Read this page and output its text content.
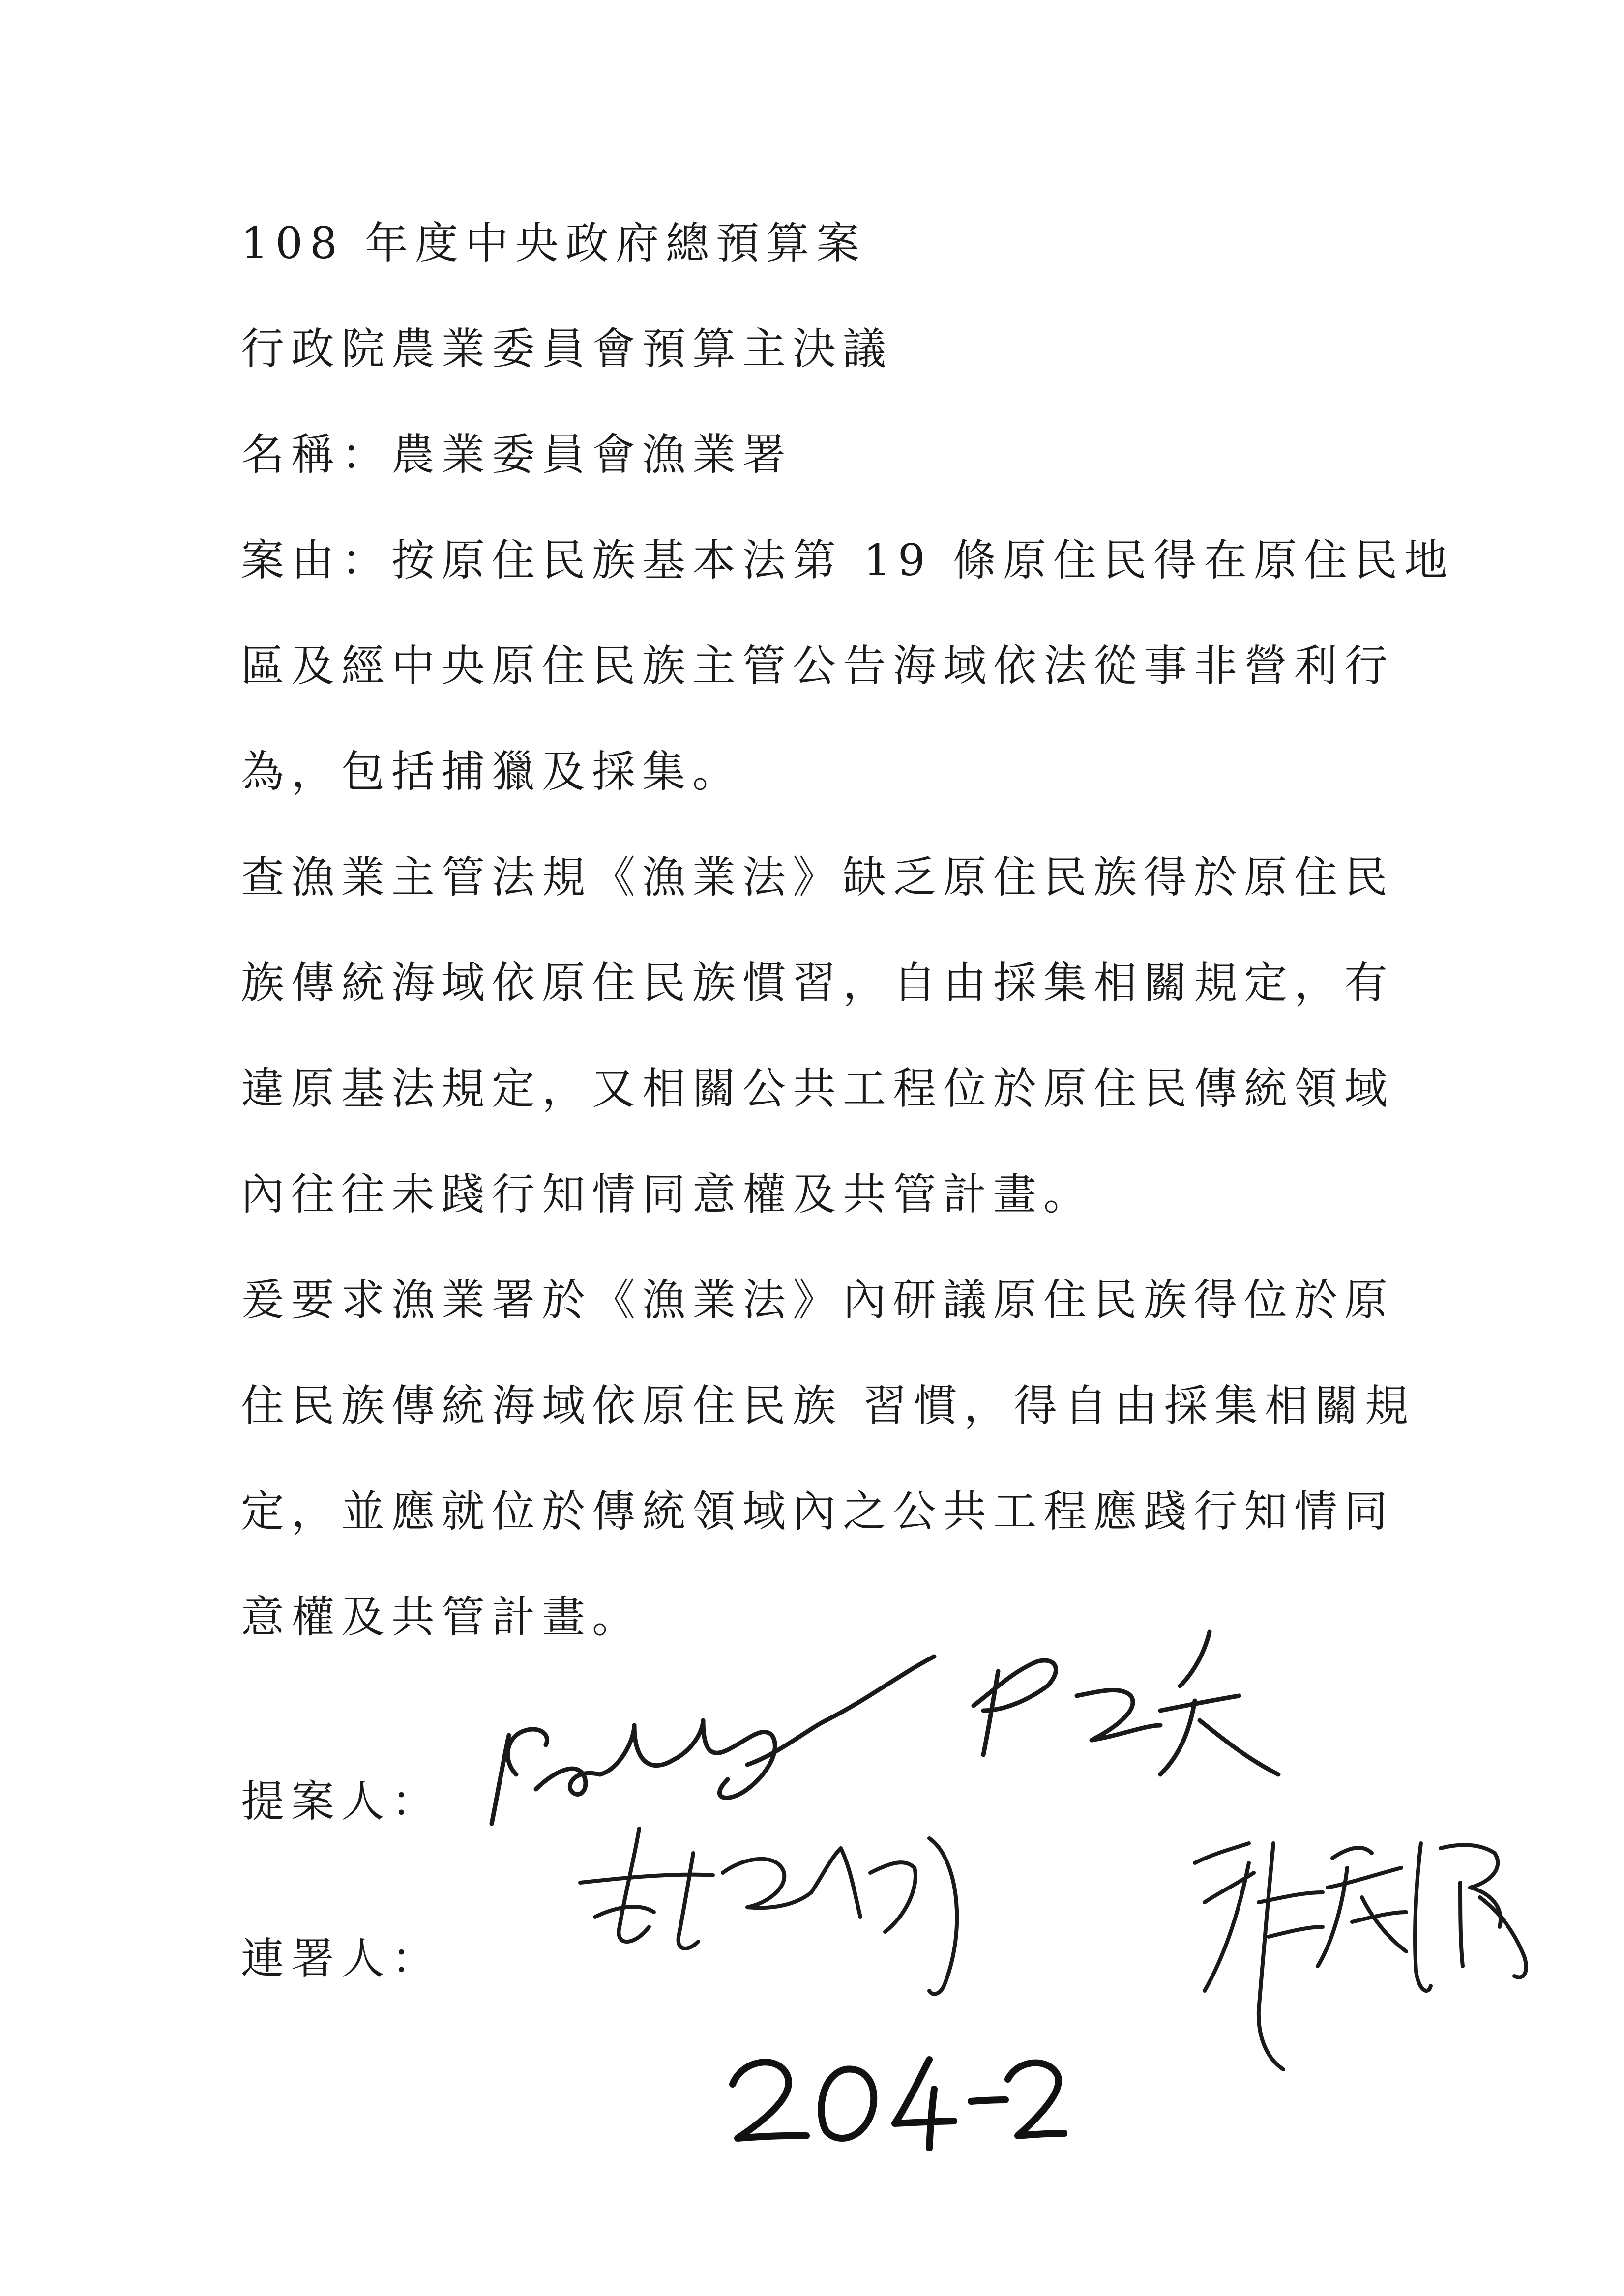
108 年度中央政府總預算案
行政院農業委員會預算主決議
名稱：農業委員會漁業署
案由：按原住民族基本法第 19 條原住民得在原住民地
區及經中央原住民族主管公告海域依法從事非營利行
為，包括捕獵及採集。
查漁業主管法規《漁業法》缺乏原住民族得於原住民
族傳統海域依原住民族慣習，自由採集相關規定，有
違原基法規定，又相關公共工程位於原住民傳統領域
內往往未踐行知情同意權及共管計畫。
爰要求漁業署於《漁業法》內研議原住民族得位於原
住民族傳統海域依原住民族 習慣，得自由採集相關規
定，並應就位於傳統領域內之公共工程應踐行知情同
意權及共管計畫。
提案人：
連署人：
